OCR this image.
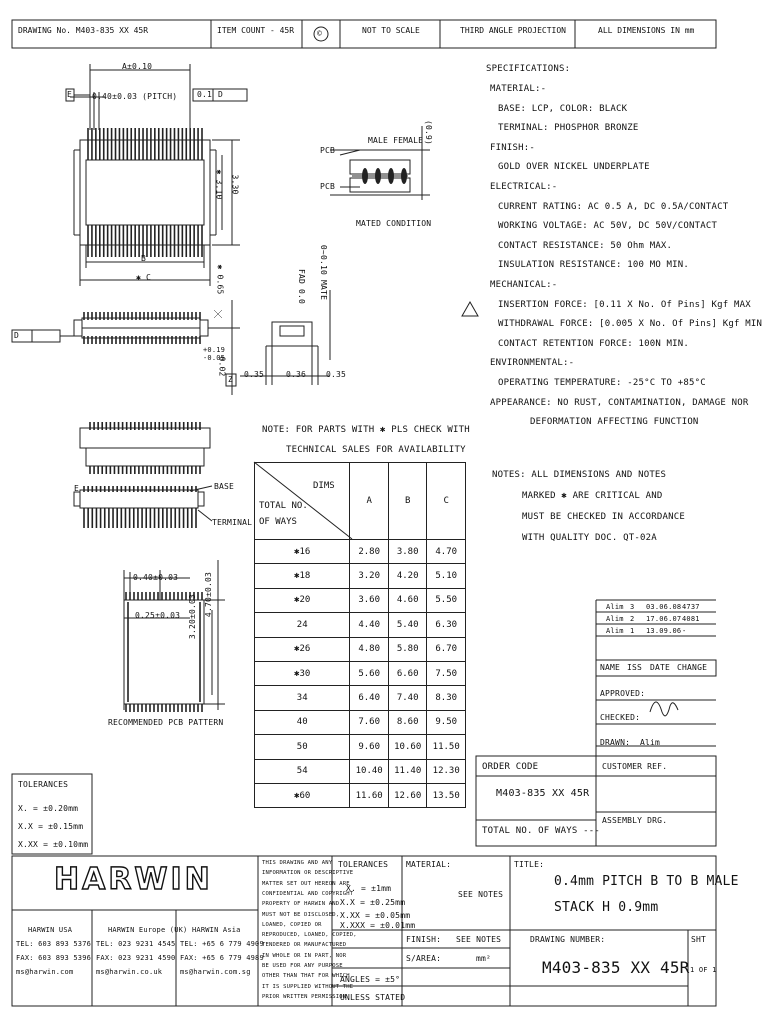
DRAWING No. M403-835 XX 45R	ITEM COUNT - 45R	©	NOT TO SCALE	THIRD ANGLE PROJECTION	ALL DIMENSIONS IN mm
A±0.10
0.40±0.03 (PITCH)
E	0.1 D
B
✱ C
✱ 3.10 3.30
✱ 0.65
+0.19
-0.05
0.02
Z
D
0.35	0.36 0.35
0~0.10 MATE
FAD 0.0
PCB
PCB
MALE FEMALE (0.9)
MATED CONDITION
E	BASE
TERMINAL
0.40±0.03
0.25±0.03 3.20±0.03 4.70±0.03
RECOMMENDED PCB PATTERN
SPECIFICATIONS:
MATERIAL:-
BASE: LCP, COLOR: BLACK
TERMINAL: PHOSPHOR BRONZE
FINISH:-
GOLD OVER NICKEL UNDERPLATE
ELECTRICAL:-
CURRENT RATING: AC 0.5 A, DC 0.5A/CONTACT
WORKING VOLTAGE: AC 50V, DC 50V/CONTACT
CONTACT RESISTANCE: 50 Ohm MAX.
INSULATION RESISTANCE: 100 MO MIN.
MECHANICAL:-
INSERTION FORCE: [0.11 X No. Of Pins] Kgf MAX
WITHDRAWAL FORCE: [0.005 X No. Of Pins] Kgf MIN
CONTACT RETENTION FORCE: 100N MIN.
ENVIRONMENTAL:-
OPERATING TEMPERATURE: -25°C TO +85°C
APPEARANCE: NO RUST, CONTAMINATION, DAMAGE NOR
DEFORMATION AFFECTING FUNCTION
NOTES: ALL DIMENSIONS AND NOTES
MARKED ✱ ARE CRITICAL AND
MUST BE CHECKED IN ACCORDANCE
WITH QUALITY DOC. QT-02A
NOTE: FOR PARTS WITH ✱ PLS CHECK WITH
TECHNICAL SALES FOR AVAILABILITY
DIMS
TOTAL NO.
OF WAYS	A	B	C
✱16	2.80	3.80	4.70
✱18	3.20	4.20	5.10
✱20	3.60	4.60	5.50
24	4.40	5.40	6.30
✱26	4.80	5.80	6.70
✱30	5.60	6.60	7.50
34	6.40	7.40	8.30
40	7.60	8.60	9.50
50	9.60	10.60	11.50
54	10.40	11.40	12.30
✱60	11.60	12.60	13.50
Alim 3 03.06.08 4737
Alim 2 17.06.07 4081
Alim 1 13.09.06 -
NAME ISS DATE CHANGE
APPROVED:
CHECKED:
DRAWN: Alim
ORDER CODE	CUSTOMER REF.
M403-835 XX 45R
ASSEMBLY DRG.
TOTAL NO. OF WAYS ---
TOLERANCES
X. = ±0.20mm
X.X = ±0.15mm
X.XX = ±0.10mm
HARWIN
HARWIN USA
TEL: 603 893 5376
FAX: 603 893 5396
ms@harwin.com
HARWIN Europe (UK)
TEL: 023 9231 4545
FAX: 023 9231 4590
ms@harwin.co.uk
HARWIN Asia
TEL: +65 6 779 4909
FAX: +65 6 779 4989
ms@harwin.com.sg
THIS DRAWING AND ANY
INFORMATION OR DESCRIPTIVE
MATTER SET OUT HEREON ARE
CONFIDENTIAL AND COPYRIGHT
PROPERTY OF HARWIN AND
MUST NOT BE DISCLOSED,
LOANED, COPIED OR
REPRODUCED, LOANED, COPIED,
TENDERED OR MANUFACTURED
IN WHOLE OR IN PART, NOR
BE USED FOR ANY PURPOSE
OTHER THAN THAT FOR WHICH
IT IS SUPPLIED WITHOUT THE
PRIOR WRITTEN PERMISSION
TOLERANCES
X. = ±1mm
X.X = ±0.25mm
X.XX = ±0.05mm
X.XXX = ±0.01mm
ANGLES = ±5°
UNLESS STATED
MATERIAL:
SEE NOTES
FINISH: SEE NOTES
S/AREA:	mm²
TITLE:
0.4mm PITCH B TO B MALE
STACK H 0.9mm
DRAWING NUMBER:
M403-835 XX 45R
SHT
1 OF 1
